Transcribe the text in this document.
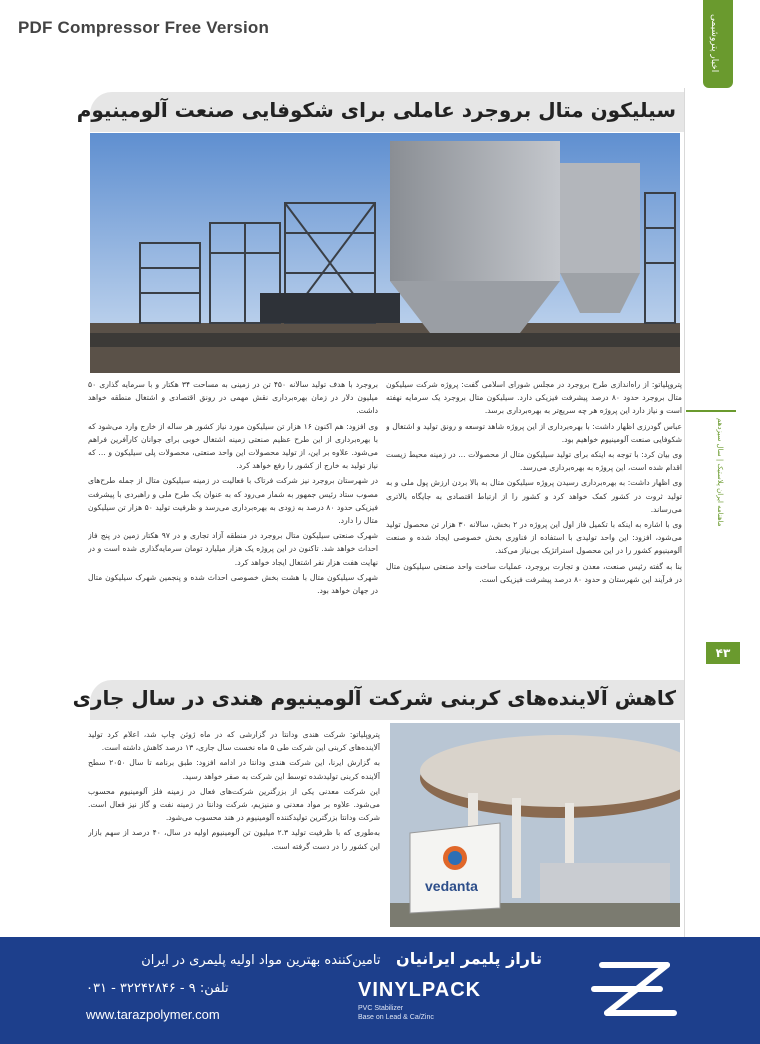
PDF Compressor Free Version	اخبار پتروشیمی
ماهنامه ایران پلاستیک | سال سیزدهم
۴۳
سیلیکون متال بروجرد عاملی برای شکوفایی صنعت آلومینیوم

پتروپلیاتو: از راه‌اندازی طرح بروجرد در مجلس شورای اسلامی گفت: پروژه شرکت سیلیکون متال بروجرد حدود ۸۰ درصد پیشرفت فیزیکی دارد. سیلیکون متال بروجرد یک سرمایه نهفته است و نیاز دارد این پروژه هر چه سریع‌تر به بهره‌برداری برسد.

عباس گودرزی اظهار داشت: با بهره‌برداری از این پروژه شاهد توسعه و رونق تولید و اشتغال و شکوفایی صنعت آلومینیوم خواهیم بود.

وی بیان کرد: با توجه به اینکه برای تولید سیلیکون متال از محصولات ... در زمینه محیط زیست اقدام شده است، این پروژه به بهره‌برداری می‌رسد.

وی اظهار داشت: به بهره‌برداری رسیدن پروژه سیلیکون متال به بالا بردن ارزش پول ملی و به تولید ثروت در کشور کمک خواهد کرد و کشور را از ارتباط اقتصادی به جایگاه بالاتری می‌رساند.

وی با اشاره به اینکه با تکمیل فاز اول این پروژه در ۲ بخش، سالانه ۳۰ هزار تن محصول تولید می‌شود، افزود: این واحد تولیدی با استفاده از فناوری بخش خصوصی ایجاد شده و صنعت آلومینیوم کشور را در این محصول استراتژیک بی‌نیاز می‌کند.

بنا به گفته رئیس صنعت، معدن و تجارت بروجرد، عملیات ساخت واحد صنعتی سیلیکون متال در فرآیند این شهرستان و حدود ۸۰ درصد پیشرفت فیزیکی است.

بروجرد با هدف تولید سالانه ۴۵۰ تن در زمینی به مساحت ۳۴ هکتار و با سرمایه گذاری ۵۰ میلیون دلار در زمان بهره‌برداری نقش مهمی در رونق اقتصادی و اشتغال منطقه خواهد داشت.

وی افزود: هم اکنون ۱۶ هزار تن سیلیکون مورد نیاز کشور هر ساله از خارج وارد می‌شود که با بهره‌برداری از این طرح عظیم صنعتی زمینه اشتغال خوبی برای جوانان کارآفرین فراهم می‌شود. علاوه بر این، از تولید محصولات این واحد صنعتی، محصولات پلی سیلیکون و ... که نیاز تولید به خارج از کشور را رفع خواهد کرد.

در شهرستان بروجرد نیز شرکت فرتاک با فعالیت در زمینه سیلیکون متال از جمله طرح‌های مصوب ستاد رئیس جمهور به شمار می‌رود که به عنوان یک طرح ملی و راهبردی با پیشرفت فیزیکی حدود ۸۰ درصد به زودی به بهره‌برداری می‌رسد و ظرفیت تولید ۵۰ هزار تن سیلیکون متال را دارد.

شهرک صنعتی سیلیکون متال بروجرد در منطقه آزاد تجاری و در ۹۷ هکتار زمین در پنج فاز احداث خواهد شد. تاکنون در این پروژه یک هزار میلیارد تومان سرمایه‌گذاری شده است و در نهایت هفت هزار نفر اشتغال ایجاد خواهد کرد.

شهرک سیلیکون متال با هشت بخش خصوصی احداث شده و پنجمین شهرک سیلیکون متال در جهان خواهد بود.

کاهش آلاینده‌های کربنی شرکت آلومینیوم هندی در سال جاری

پتروپلیاتو: شرکت هندی ودانتا در گزارشی که در ماه ژوئن چاپ شد، اعلام کرد تولید آلاینده‌های کربنی این شرکت طی ۵ ماه نخست سال جاری، ۱۳ درصد کاهش داشته است.

به گزارش ایرنا، این شرکت هندی ودانتا در ادامه افزود: طبق برنامه تا سال ۲۰۵۰ سطح آلاینده کربنی تولیدشده توسط این شرکت به صفر خواهد رسید.

این شرکت معدنی یکی از بزرگترین شرکت‌های فعال در زمینه فلز آلومینیوم محسوب می‌شود. علاوه بر مواد معدنی و منیزیم، شرکت ودانتا در زمینه نفت و گاز نیز فعال است. شرکت ودانتا بزرگترین تولیدکننده آلومینیوم در هند محسوب می‌شود.

به‌طوری که با ظرفیت تولید ۲.۳ میلیون تن آلومینیوم اولیه در سال، ۴۰ درصد از سهم بازار این کشور را در دست گرفته است.

vedanta
تاراز پلیمر ایرانیان تامین‌کننده بهترین مواد اولیه پلیمری در ایران
تلفن: ۹ - ۳۲۲۴۲۸۴۶ - ۰۳۱
www.tarazpolymer.com
VINYLPACK
PVC Stabilizer
Base on Lead & Ca/Zinc
